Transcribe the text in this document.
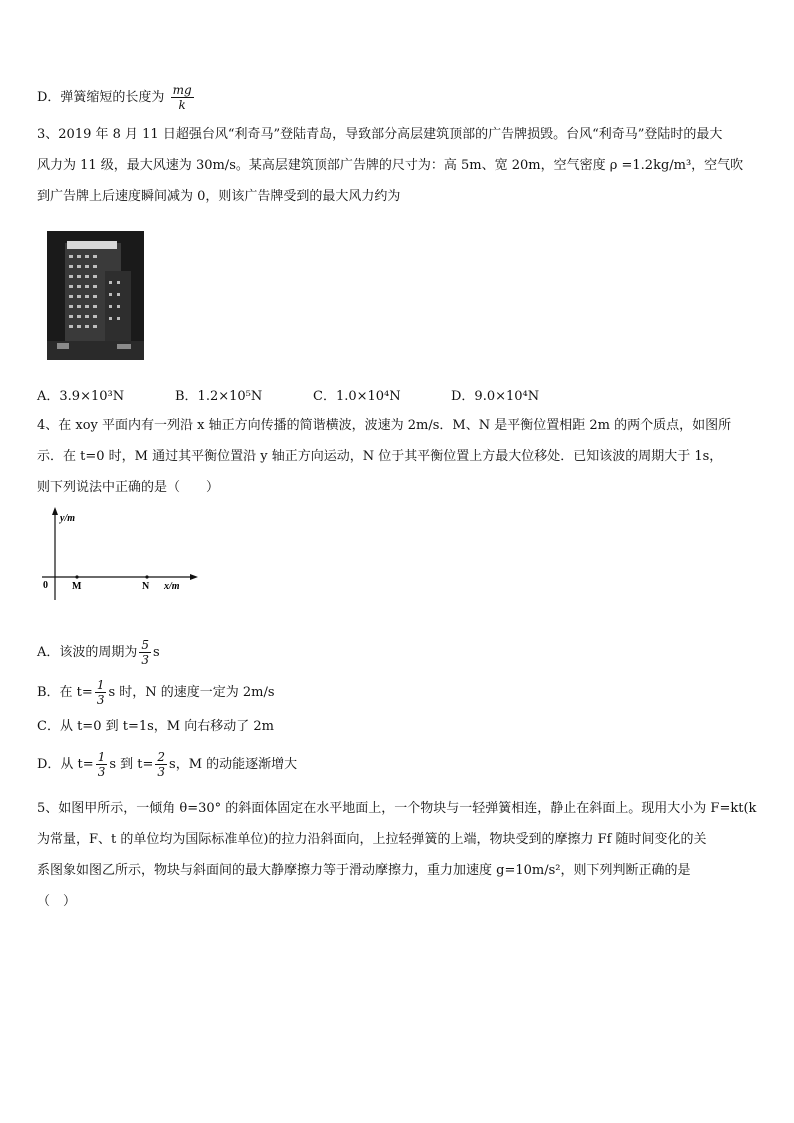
D．弹簧缩短的长度为 $\frac{mg}{k}$
3、2019 年 8 月 11 日超强台风“利奇马”登陆青岛，导致部分高层建筑顶部的广告牌损毁。台风“利奇马”登陆时的最大
风力为 11 级，最大风速为 30m/s。某高层建筑顶部广告牌的尺寸为：高 5m、宽 20m，空气密度 ρ =1.2kg/m³，空气吹
到广告牌上后速度瞬间减为 0，则该广告牌受到的最大风力约为
A．3.9×10³N	B．1.2×10⁵N	C．1.0×10⁴N	D．9.0×10⁴N
4、在 xoy 平面内有一列沿 x 轴正方向传播的简谐横波，波速为 2m/s．M、N 是平衡位置相距 2m 的两个质点，如图所
示．在 t=0 时，M 通过其平衡位置沿 y 轴正方向运动，N 位于其平衡位置上方最大位移处．已知该波的周期大于 1s，
则下列说法中正确的是（　　）
y/m
0 M	N x/m
A．该波的周期为 $\frac{5}{3}$ s
B．在 $t= \frac{1}{3}$ s 时，N 的速度一定为 2m/s
C．从 t=0 到 t=1s，M 向右移动了 2m
D．从 $t= \frac{1}{3}$ s 到 $t= \frac{2}{3}$ s，M 的动能逐渐增大
5、如图甲所示，一倾角 θ=30° 的斜面体固定在水平地面上，一个物块与一轻弹簧相连，静止在斜面上。现用大小为 F=kt(k
为常量，F、t 的单位均为国际标准单位)的拉力沿斜面向，上拉轻弹簧的上端，物块受到的摩擦力 Ff 随时间变化的关
系图象如图乙所示，物块与斜面间的最大静摩擦力等于滑动摩擦力，重力加速度 g=10m/s²，则下列判断正确的是
（　）
